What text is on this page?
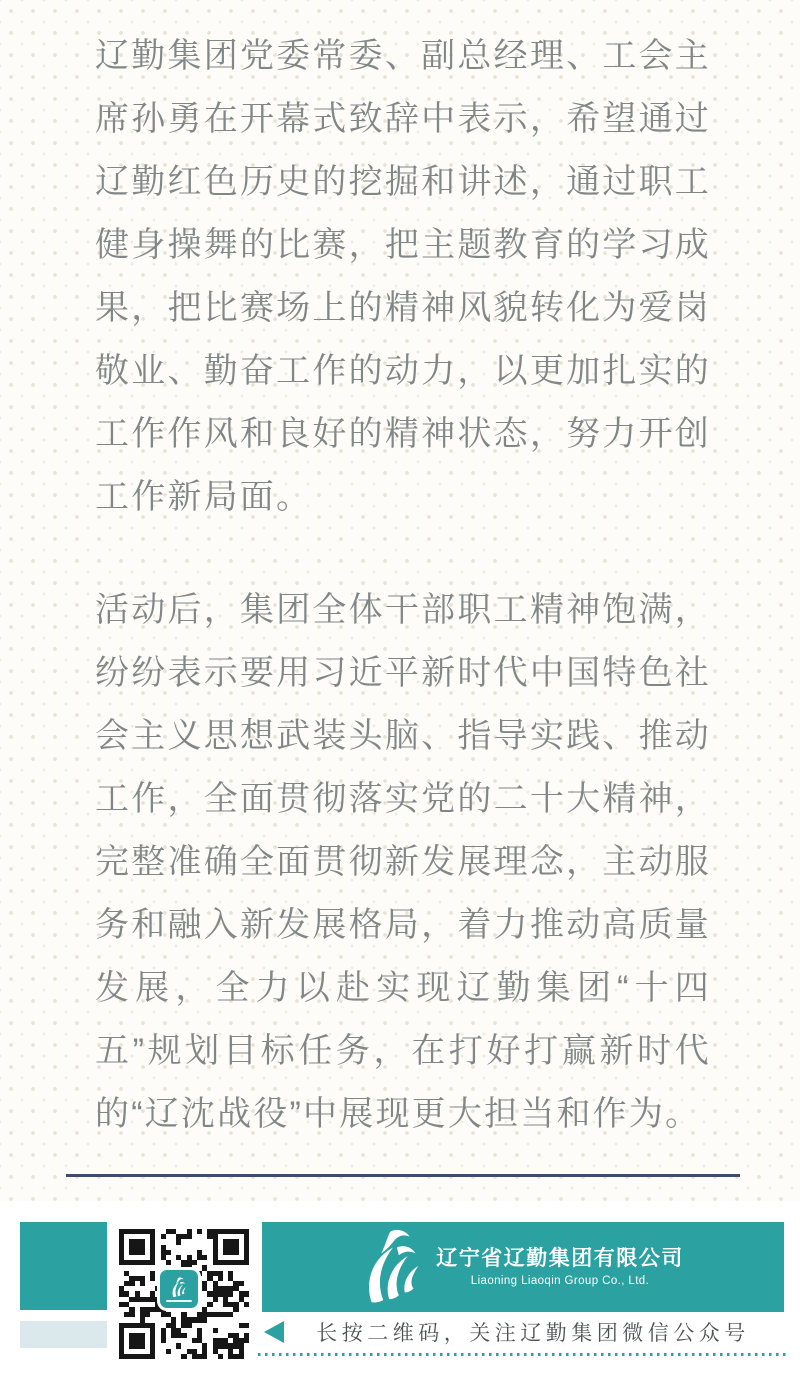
辽勤集团党委常委、副总经理、工会主席孙勇在开幕式致辞中表示，希望通过辽勤红色历史的挖掘和讲述，通过职工健身操舞的比赛，把主题教育的学习成果，把比赛场上的精神风貌转化为爱岗敬业、勤奋工作的动力，以更加扎实的工作作风和良好的精神状态，努力开创工作新局面。

活动后，集团全体干部职工精神饱满，纷纷表示要用习近平新时代中国特色社会主义思想武装头脑、指导实践、推动工作，全面贯彻落实党的二十大精神，完整准确全面贯彻新发展理念，主动服务和融入新发展格局，着力推动高质量发展，全力以赴实现辽勤集团“十四五”规划目标任务，在打好打赢新时代的“辽沈战役”中展现更大担当和作为。

辽宁省辽勤集团有限公司
Liaoning Liaoqin Group Co., Ltd.
长按二维码，关注辽勤集团微信公众号
